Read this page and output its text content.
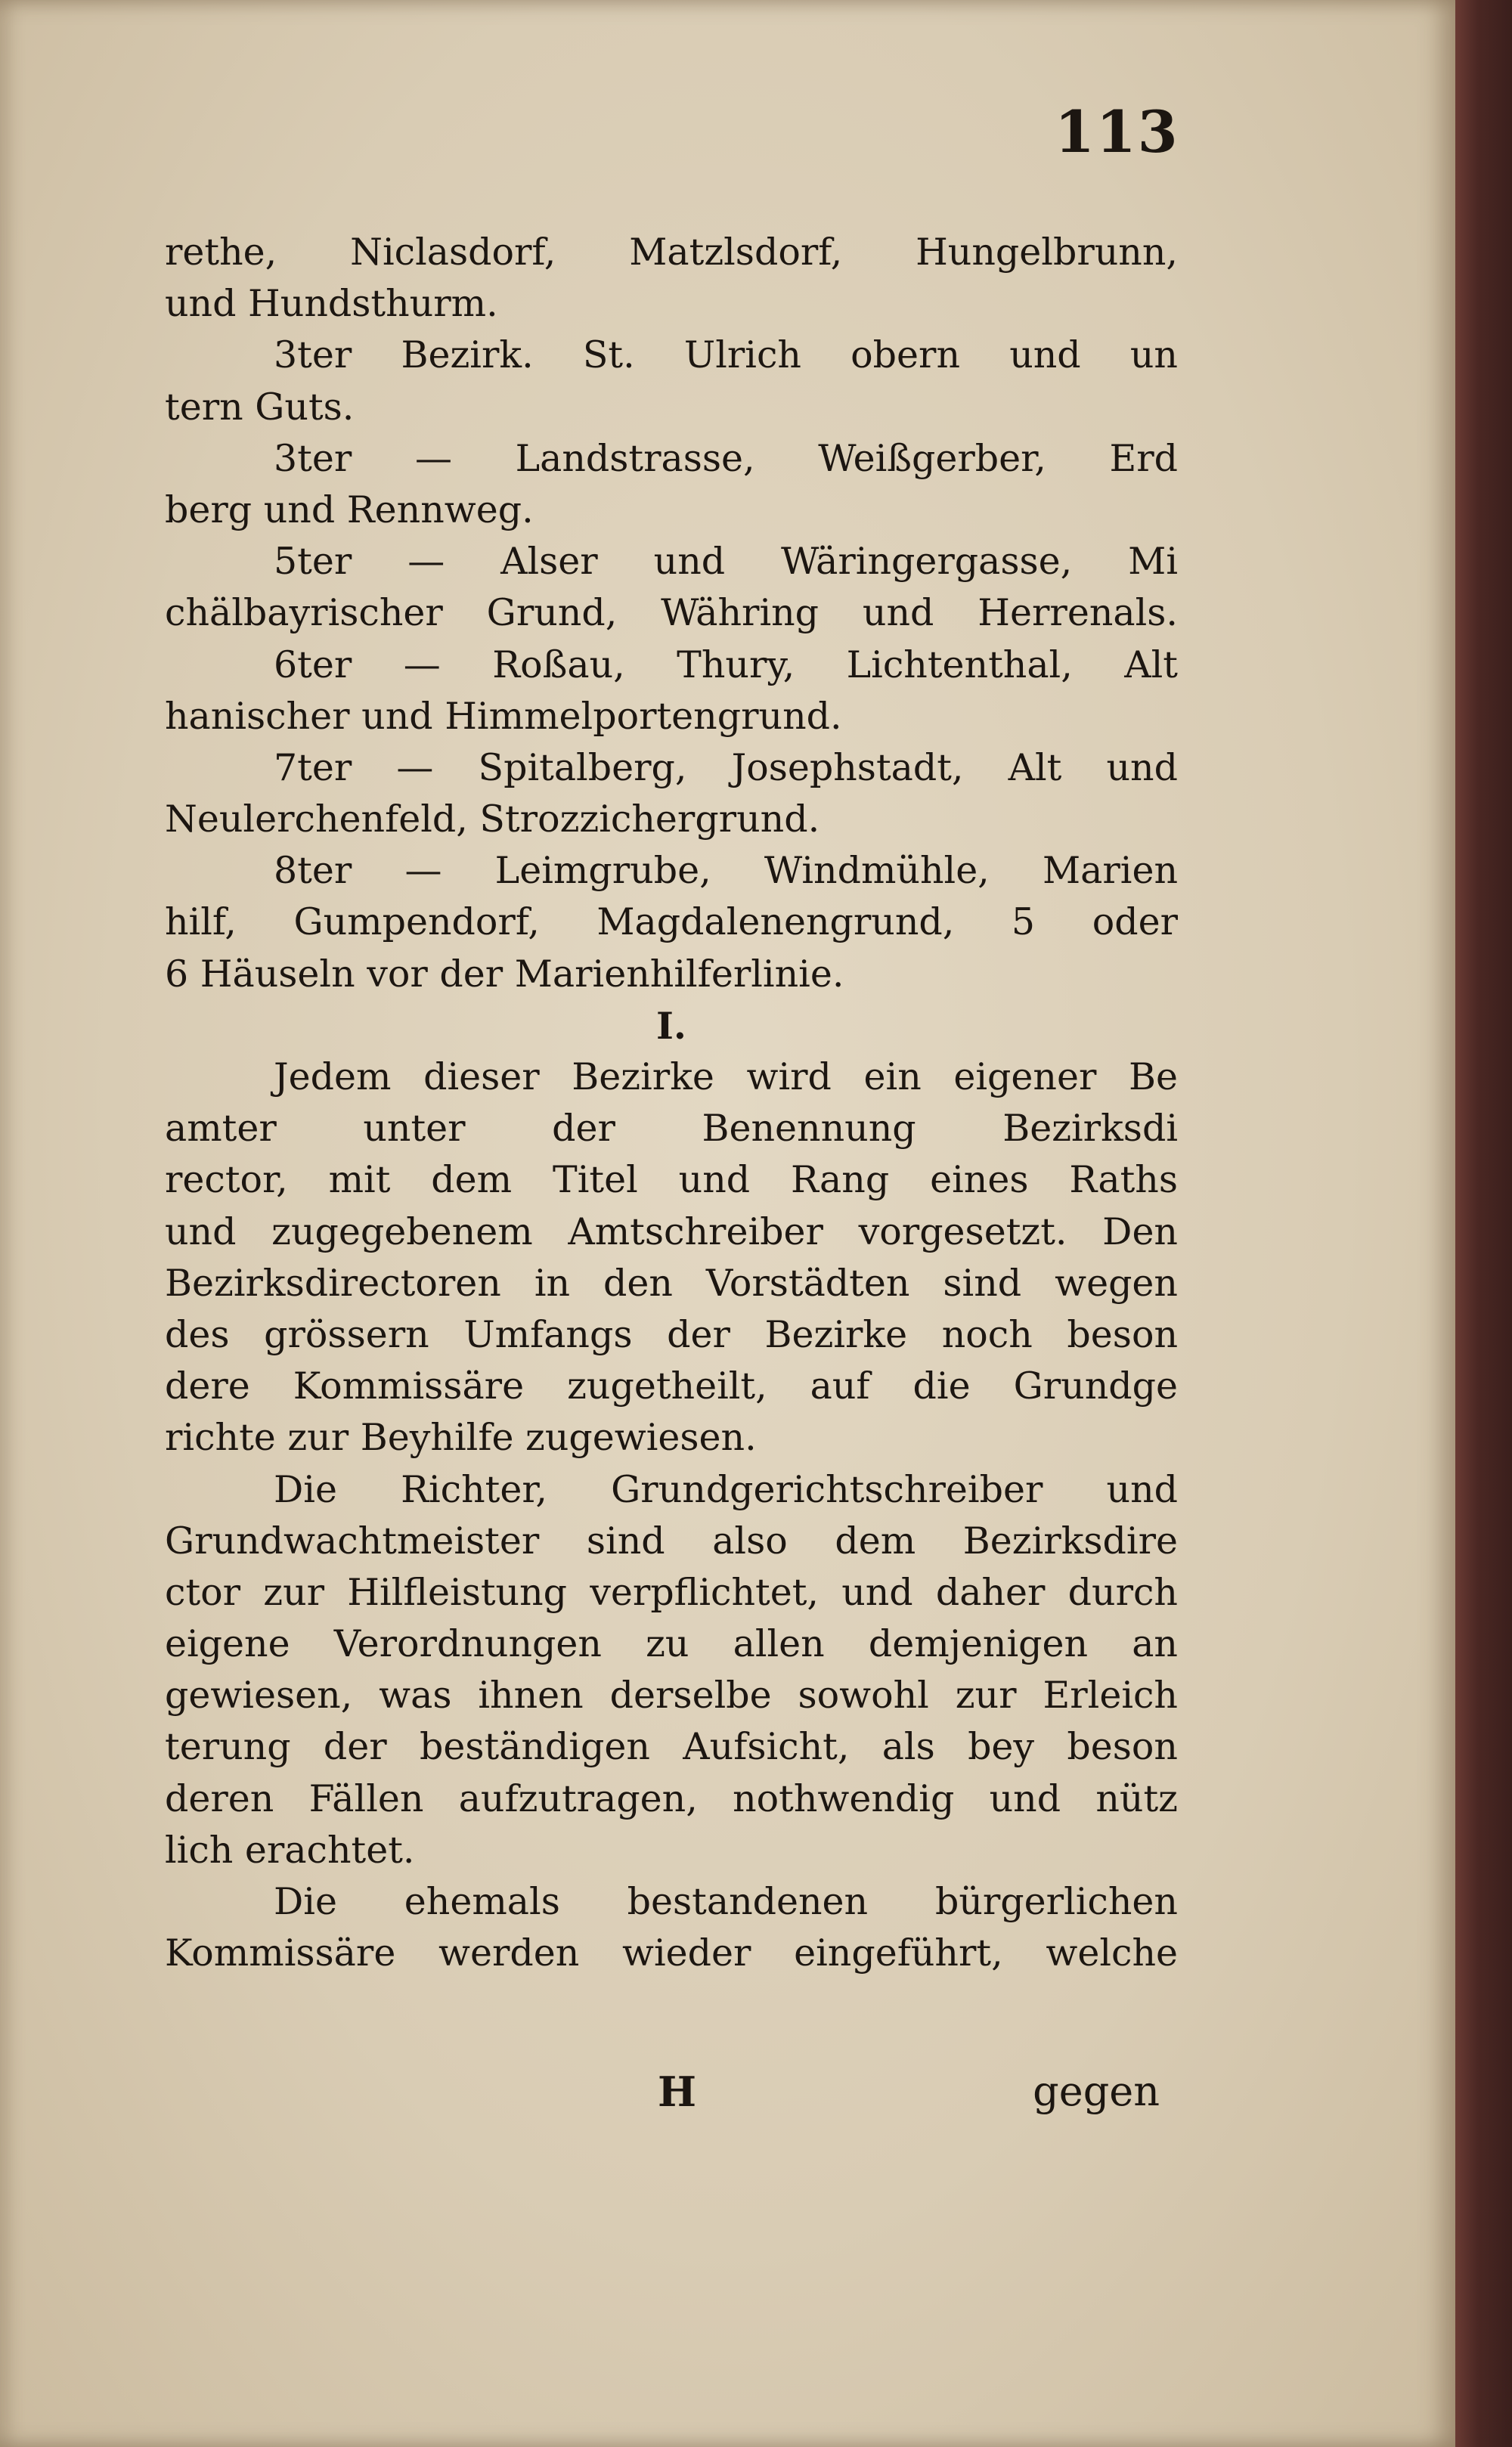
113
rethe, Niclasdorf, Matzlsdorf, Hungelbrunn,
und Hundsthurm.
3ter Bezirk. St. Ulrich obern und un
tern Guts.
3ter — Landstrasse, Weißgerber, Erd
berg und Rennweg.
5ter — Alser und Wäringergasse, Mi
chälbayrischer Grund, Währing und Herrenals.
6ter — Roßau, Thury, Lichtenthal, Alt
hanischer und Himmelportengrund.
7ter — Spitalberg, Josephstadt, Alt und
Neulerchenfeld, Strozzichergrund.
8ter — Leimgrube, Windmühle, Marien
hilf, Gumpendorf, Magdalenengrund, 5 oder
6 Häuseln vor der Marienhilferlinie.
I.
Jedem dieser Bezirke wird ein eigener Be
amter unter der Benennung Bezirksdi
rector, mit dem Titel und Rang eines Raths
und zugegebenem Amtschreiber vorgesetzt. Den
Bezirksdirectoren in den Vorstädten sind wegen
des grössern Umfangs der Bezirke noch beson
dere Kommissäre zugetheilt, auf die Grundge
richte zur Beyhilfe zugewiesen.
Die Richter, Grundgerichtschreiber und
Grundwachtmeister sind also dem Bezirksdire
ctor zur Hilfleistung verpflichtet, und daher durch
eigene Verordnungen zu allen demjenigen an
gewiesen, was ihnen derselbe sowohl zur Erleich
terung der beständigen Aufsicht, als bey beson
deren Fällen aufzutragen, nothwendig und nütz
lich erachtet.
Die ehemals bestandenen bürgerlichen
Kommissäre werden wieder eingeführt, welche
H	gegen
